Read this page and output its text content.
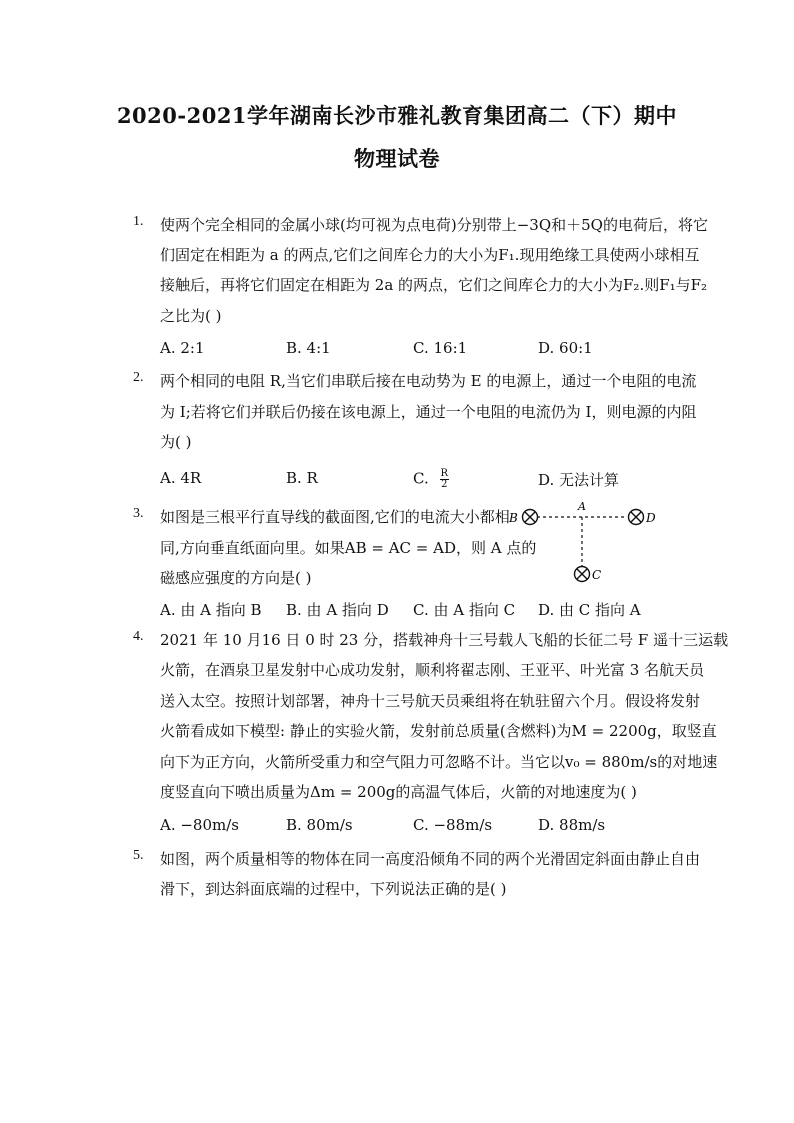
2020-2021学年湖南长沙市雅礼教育集团高二（下）期中
物理试卷
1. 使两个完全相同的金属小球(均可视为点电荷)分别带上−3Q和＋5Q的电荷后，将它
们固定在相距为 a 的两点,它们之间库仑力的大小为F₁.现用绝缘工具使两小球相互
接触后，再将它们固定在相距为 2a 的两点，它们之间库仑力的大小为F₂.则F₁与F₂
之比为( )
A. 2:1	B. 4:1	C. 16:1	D. 60:1
2. 两个相同的电阻 R,当它们串联后接在电动势为 E 的电源上，通过一个电阻的电流
为 I;若将它们并联后仍接在该电源上，通过一个电阻的电流仍为 I，则电源的内阻
为( )
A. 4R	B. R	C. $\frac{R}{2}$	D. 无法计算
3. 如图是三根平行直导线的截面图,它们的电流大小都相
同,方向垂直纸面向里。如果AB = AC = AD，则 A 点的
磁感应强度的方向是( )
A. 由 A 指向 B B. 由 A 指向 D C. 由 A 指向 C D. 由 C 指向 A
A
B	D
C
4. 2021 年 10 月16 日 0 时 23 分，搭载神舟十三号载人飞船的长征二号 F 遥十三运载
火箭，在酒泉卫星发射中心成功发射，顺利将翟志刚、王亚平、叶光富 3 名航天员
送入太空。按照计划部署，神舟十三号航天员乘组将在轨驻留六个月。假设将发射
火箭看成如下模型: 静止的实验火箭，发射前总质量(含燃料)为M = 2200g，取竖直
向下为正方向，火箭所受重力和空气阻力可忽略不计。当它以v₀ = 880m/s的对地速
度竖直向下喷出质量为Δm = 200g的高温气体后，火箭的对地速度为( )
A. −80m/s	B. 80m/s	C. −88m/s	D. 88m/s
5. 如图，两个质量相等的物体在同一高度沿倾角不同的两个光滑固定斜面由静止自由
滑下，到达斜面底端的过程中，下列说法正确的是( )
